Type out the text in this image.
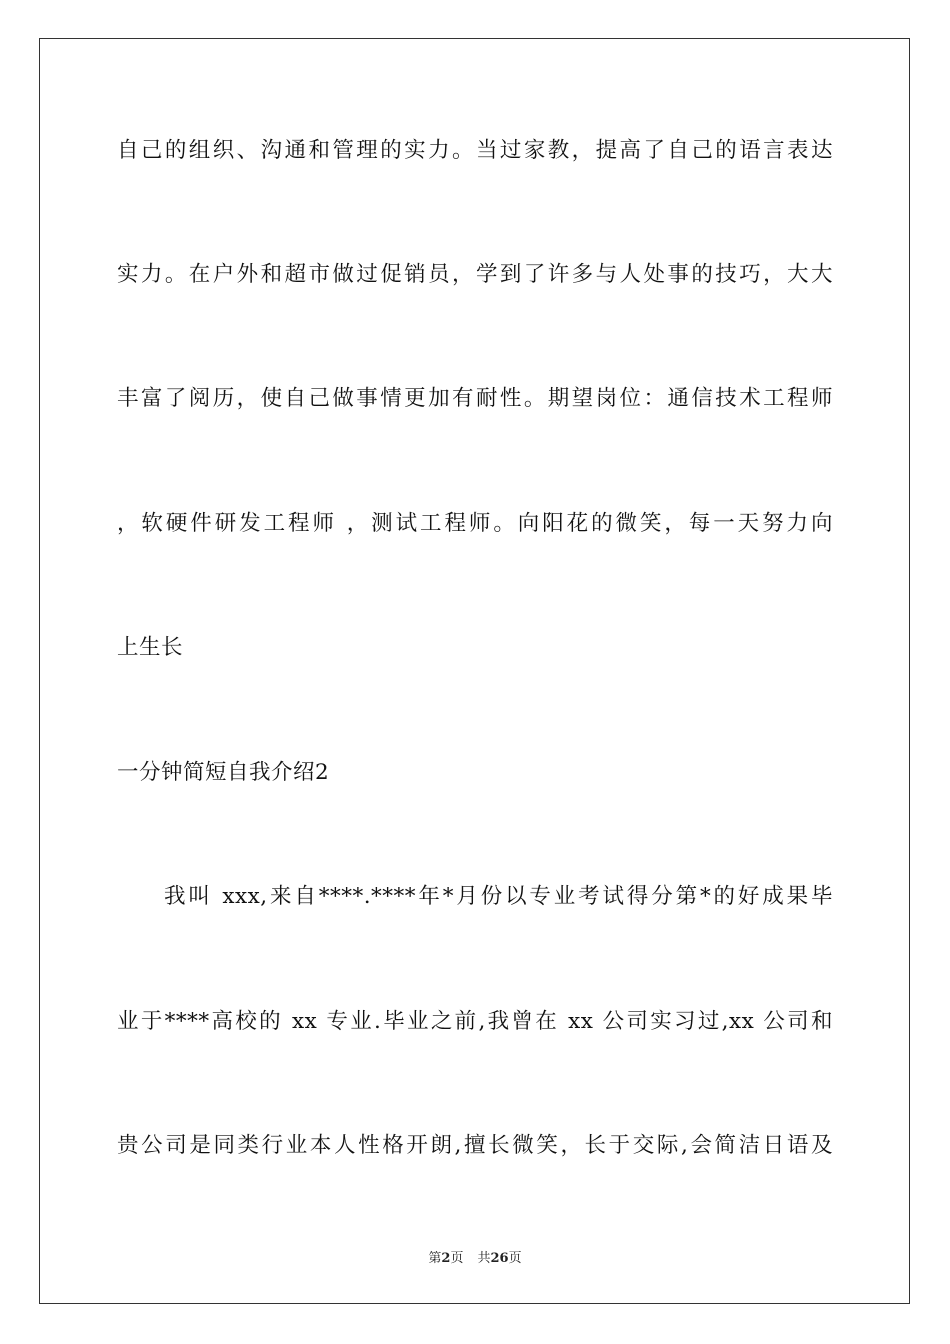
自己的组织、沟通和管理的实力。当过家教，提高了自己的语言表达
实力。在户外和超市做过促销员，学到了许多与人处事的技巧，大大
丰富了阅历，使自己做事情更加有耐性。期望岗位：通信技术工程师
，软硬件研发工程师 ，测试工程师。向阳花的微笑，每一天努力向
上生长
一分钟简短自我介绍2
我叫 xxx,来自****.****年*月份以专业考试得分第*的好成果毕
业于****高校的 xx 专业.毕业之前,我曾在 xx 公司实习过,xx 公司和
贵公司是同类行业本人性格开朗,擅长微笑，长于交际,会简洁日语及
第2页 共26页
